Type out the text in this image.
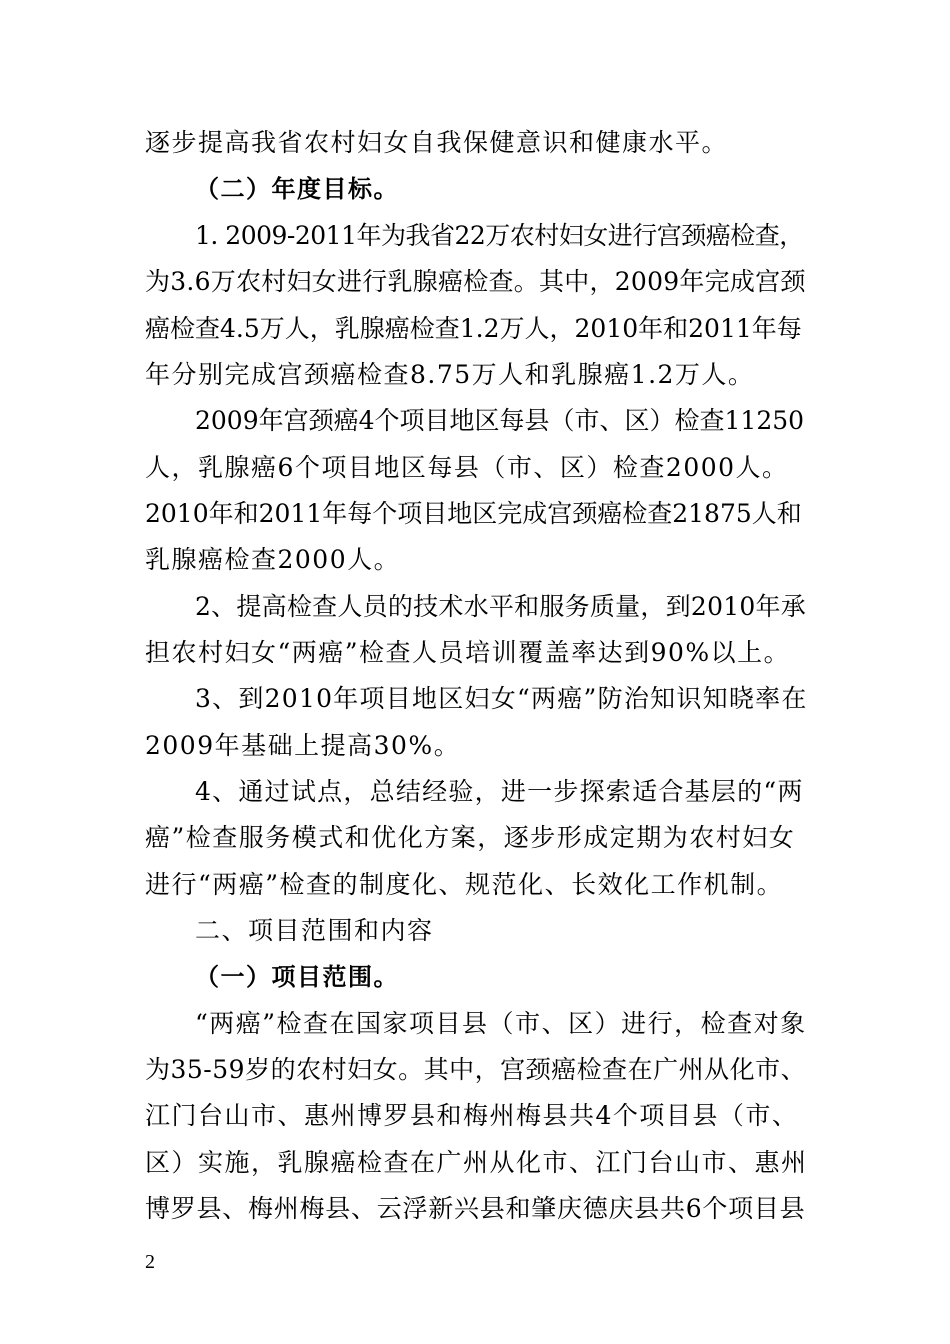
逐步提高我省农村妇女自我保健意识和健康水平。
（二）年度目标。
1. 2009-2011年为我省22万农村妇女进行宫颈癌检查，
为3.6万农村妇女进行乳腺癌检查。其中，2009年完成宫颈
癌检查4.5万人，乳腺癌检查1.2万人，2010年和2011年每
年分别完成宫颈癌检查8.75万人和乳腺癌1.2万人。
2009年宫颈癌4个项目地区每县（市、区）检查11250
人，乳腺癌6个项目地区每县（市、区）检查2000人。
2010年和2011年每个项目地区完成宫颈癌检查21875人和
乳腺癌检查2000人。
2、提高检查人员的技术水平和服务质量，到2010年承
担农村妇女“两癌”检查人员培训覆盖率达到90%以上。
3、到2010年项目地区妇女“两癌”防治知识知晓率在
2009年基础上提高30%。
4、通过试点，总结经验，进一步探索适合基层的“两
癌”检查服务模式和优化方案，逐步形成定期为农村妇女
进行“两癌”检查的制度化、规范化、长效化工作机制。
二、项目范围和内容
（一）项目范围。
“两癌”检查在国家项目县（市、区）进行，检查对象
为35-59岁的农村妇女。其中，宫颈癌检查在广州从化市、
江门台山市、惠州博罗县和梅州梅县共4个项目县（市、
区）实施，乳腺癌检查在广州从化市、江门台山市、惠州
博罗县、梅州梅县、云浮新兴县和肇庆德庆县共6个项目县
2
